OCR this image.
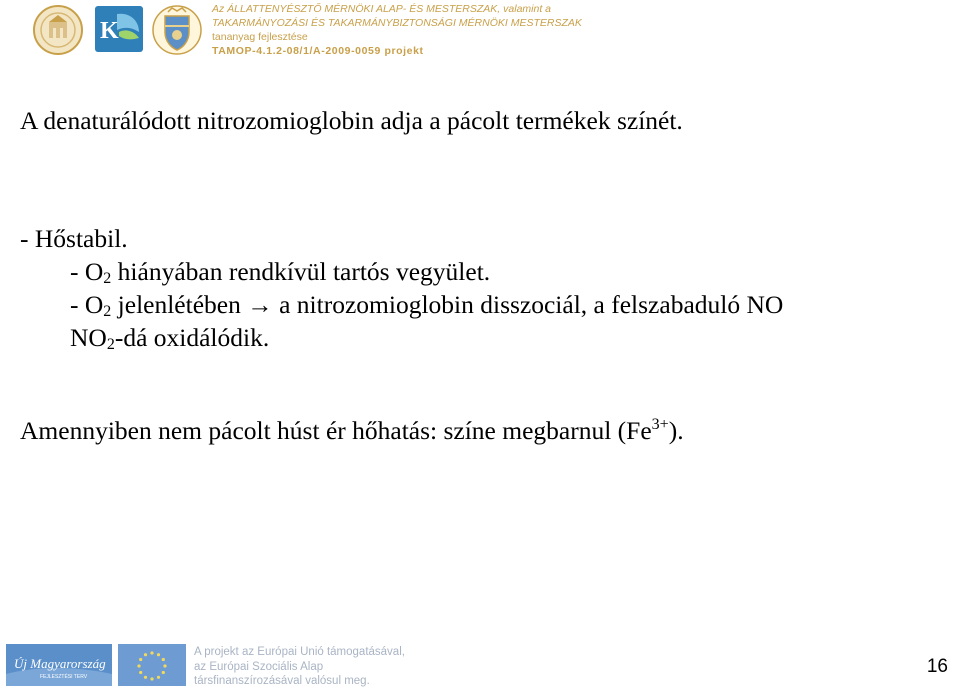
K
Az ÁLLATTENYÉSZTŐ MÉRNÖKI ALAP- ÉS MESTERSZAK, valamint a
TAKARMÁNYOZÁSI ÉS TAKARMÁNYBIZTONSÁGI MÉRNÖKI MESTERSZAK
tananyag fejlesztése
TAMOP-4.1.2-08/1/A-2009-0059 projekt

A denaturálódott nitrozomioglobin adja a pácolt termékek színét.

- Hőstabil.

- $O_2$ hiányában rendkívül tartós vegyület.

- $O_2$ jelenlétében → a nitrozomioglobin disszociál, a felszabaduló NO

$NO_2-dá$ oxidálódik.

Amennyiben nem pácolt húst ér hőhatás: színe megbarnul $(Fe^{3+})$.

Új Magyarország
FEJLESZTÉSI TERV
A projekt az Európai Unió támogatásával,
az Európai Szociális Alap
társfinanszírozásával valósul meg.
16
